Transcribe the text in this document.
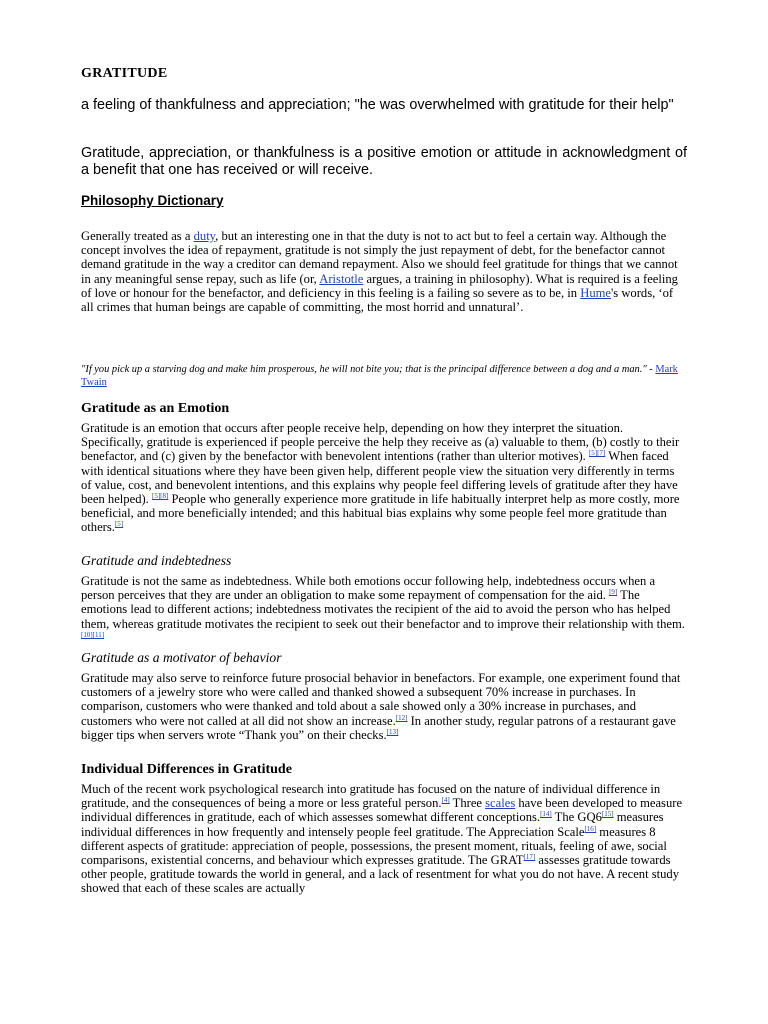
GRATITUDE
a feeling of thankfulness and appreciation; "he was overwhelmed with gratitude for their help"
Gratitude, appreciation, or thankfulness is a positive emotion or attitude in acknowledgment of a benefit that one has received or will receive.
Philosophy Dictionary
Generally treated as a duty, but an interesting one in that the duty is not to act but to feel a certain way. Although the concept involves the idea of repayment, gratitude is not simply the just repayment of debt, for the benefactor cannot demand gratitude in the way a creditor can demand repayment. Also we should feel gratitude for things that we cannot in any meaningful sense repay, such as life (or, Aristotle argues, a training in philosophy). What is required is a feeling of love or honour for the benefactor, and deficiency in this feeling is a failing so severe as to be, in Hume's words, ‘of all crimes that human beings are capable of committing, the most horrid and unnatural’.
"If you pick up a starving dog and make him prosperous, he will not bite you; that is the principal difference between a dog and a man." - Mark Twain
Gratitude as an Emotion
Gratitude is an emotion that occurs after people receive help, depending on how they interpret the situation. Specifically, gratitude is experienced if people perceive the help they receive as (a) valuable to them, (b) costly to their benefactor, and (c) given by the benefactor with benevolent intentions (rather than ulterior motives). [5][7] When faced with identical situations where they have been given help, different people view the situation very differently in terms of value, cost, and benevolent intentions, and this explains why people feel differing levels of gratitude after they have been helped). [5][8] People who generally experience more gratitude in life habitually interpret help as more costly, more beneficial, and more beneficially intended; and this habitual bias explains why some people feel more gratitude than others.[5]
Gratitude and indebtedness
Gratitude is not the same as indebtedness. While both emotions occur following help, indebtedness occurs when a person perceives that they are under an obligation to make some repayment of compensation for the aid. [9] The emotions lead to different actions; indebtedness motivates the recipient of the aid to avoid the person who has helped them, whereas gratitude motivates the recipient to seek out their benefactor and to improve their relationship with them.[10][11]
Gratitude as a motivator of behavior
Gratitude may also serve to reinforce future prosocial behavior in benefactors. For example, one experiment found that customers of a jewelry store who were called and thanked showed a subsequent 70% increase in purchases. In comparison, customers who were thanked and told about a sale showed only a 30% increase in purchases, and customers who were not called at all did not show an increase.[12] In another study, regular patrons of a restaurant gave bigger tips when servers wrote “Thank you” on their checks.[13]
Individual Differences in Gratitude
Much of the recent work psychological research into gratitude has focused on the nature of individual difference in gratitude, and the consequences of being a more or less grateful person.[4] Three scales have been developed to measure individual differences in gratitude, each of which assesses somewhat different conceptions.[14] The GQ6[15] measures individual differences in how frequently and intensely people feel gratitude. The Appreciation Scale[16] measures 8 different aspects of gratitude: appreciation of people, possessions, the present moment, rituals, feeling of awe, social comparisons, existential concerns, and behaviour which expresses gratitude. The GRAT[17] assesses gratitude towards other people, gratitude towards the world in general, and a lack of resentment for what you do not have. A recent study showed that each of these scales are actually
